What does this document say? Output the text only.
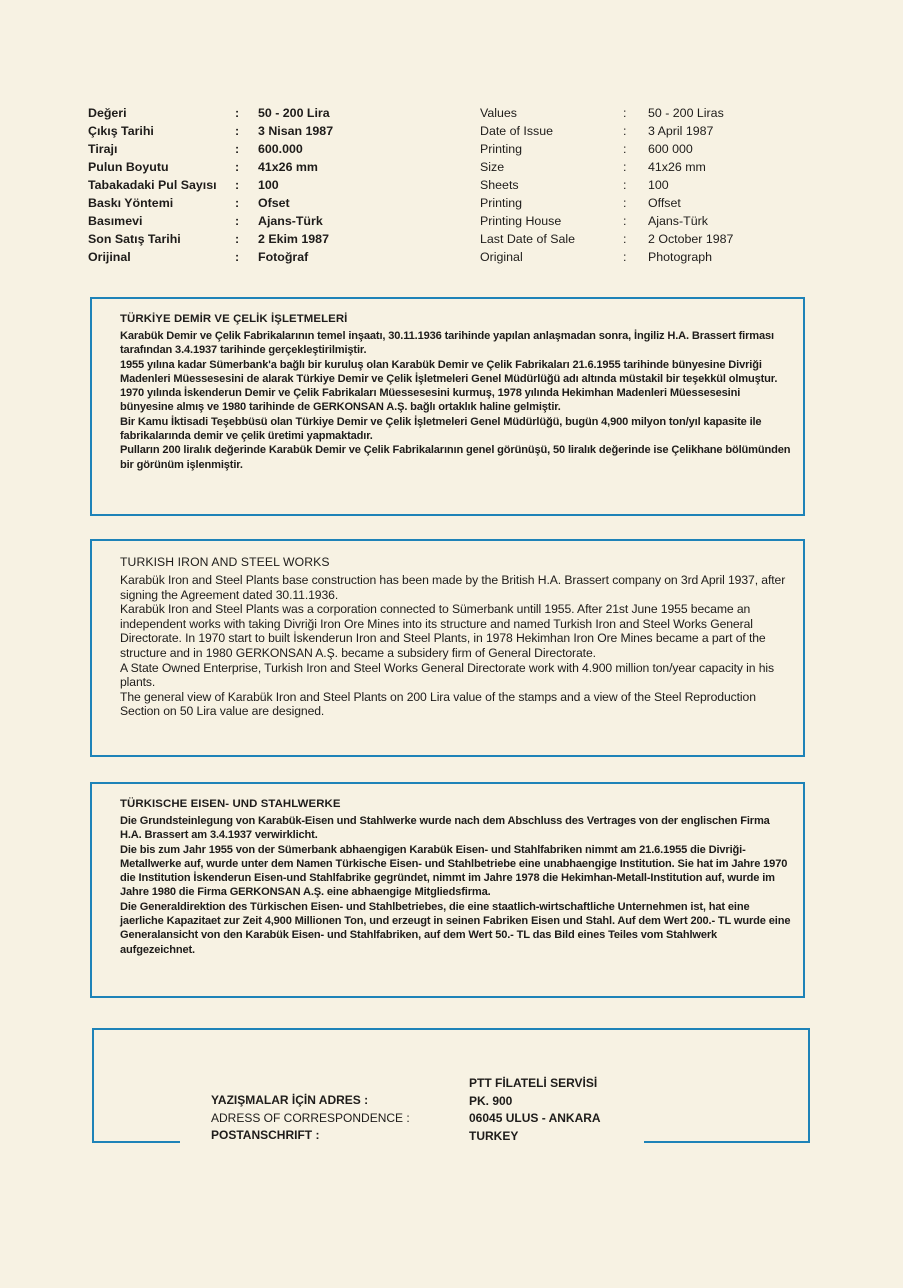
Değeri	:	50 - 200 Lira
Çıkış Tarihi	:	3 Nisan 1987
Tirajı	:	600.000
Pulun Boyutu	:	41x26 mm
Tabakadaki Pul Sayısı	:	100
Baskı Yöntemi	:	Ofset
Basımevi	:	Ajans-Türk
Son Satış Tarihi	:	2 Ekim 1987
Orijinal	:	Fotoğraf
Values	:	50 - 200 Liras
Date of Issue	:	3 April 1987
Printing	:	600 000
Size	:	41x26 mm
Sheets	:	100
Printing	:	Offset
Printing House	:	Ajans-Türk
Last Date of Sale	:	2 October 1987
Original	:	Photograph

TÜRKİYE DEMİR VE ÇELİK İŞLETMELERİ

Karabük Demir ve Çelik Fabrikalarının temel inşaatı, 30.11.1936 tarihinde yapılan anlaşmadan sonra, İngiliz H.A. Brassert firması tarafından 3.4.1937 tarihinde gerçekleştirilmiştir.

1955 yılına kadar Sümerbank'a bağlı bir kuruluş olan Karabük Demir ve Çelik Fabrikaları 21.6.1955 tarihinde bünyesine Divriği Madenleri Müessesesini de alarak Türkiye Demir ve Çelik İşletmeleri Genel Müdürlüğü adı altında müstakil bir teşekkül olmuştur. 1970 yılında İskenderun Demir ve Çelik Fabrikaları Müessesesini kurmuş, 1978 yılında Hekimhan Madenleri Müessesesini bünyesine almış ve 1980 tarihinde de GERKONSAN A.Ş. bağlı ortaklık haline gelmiştir.

Bir Kamu İktisadi Teşebbüsü olan Türkiye Demir ve Çelik İşletmeleri Genel Müdürlüğü, bugün 4,900 milyon ton/yıl kapasite ile fabrikalarında demir ve çelik üretimi yapmaktadır.

Pulların 200 liralık değerinde Karabük Demir ve Çelik Fabrikalarının genel görünüşü, 50 liralık değerinde ise Çelikhane bölümünden bir görünüm işlenmiştir.

TURKISH IRON AND STEEL WORKS

Karabük Iron and Steel Plants base construction has been made by the British H.A. Brassert company on 3rd April 1937, after signing the Agreement dated 30.11.1936.

Karabük Iron and Steel Plants was a corporation connected to Sümerbank untill 1955. After 21st June 1955 became an independent works with taking Divriği Iron Ore Mines into its structure and named Turkish Iron and Steel Works General Directorate. In 1970 start to built İskenderun Iron and Steel Plants, in 1978 Hekimhan Iron Ore Mines became a part of the structure and in 1980 GERKONSAN A.Ş. became a subsidery firm of General Directorate.

A State Owned Enterprise, Turkish Iron and Steel Works General Directorate work with 4.900 million ton/year capacity in his plants.

The general view of Karabük Iron and Steel Plants on 200 Lira value of the stamps and a view of the Steel Reproduction Section on 50 Lira value are designed.

TÜRKISCHE EISEN- UND STAHLWERKE

Die Grundsteinlegung von Karabük-Eisen und Stahlwerke wurde nach dem Abschluss des Vertrages von der englischen Firma H.A. Brassert am 3.4.1937 verwirklicht.

Die bis zum Jahr 1955 von der Sümerbank abhaengigen Karabük Eisen- und Stahlfabriken nimmt am 21.6.1955 die Divriği- Metallwerke auf, wurde unter dem Namen Türkische Eisen- und Stahlbetriebe eine unabhaengige Institution. Sie hat im Jahre 1970 die Institution İskenderun Eisen-und Stahlfabrike gegründet, nimmt im Jahre 1978 die Hekimhan-Metall-Institution auf, wurde im Jahre 1980 die Firma GERKONSAN A.Ş. eine abhaengige Mitgliedsfirma.

Die Generaldirektion des Türkischen Eisen- und Stahlbetriebes, die eine staatlich-wirtschaftliche Unternehmen ist, hat eine jaerliche Kapazitaet zur Zeit 4,900 Millionen Ton, und erzeugt in seinen Fabriken Eisen und Stahl. Auf dem Wert 200.- TL wurde eine Generalansicht von den Karabük Eisen- und Stahlfabriken, auf dem Wert 50.- TL das Bild eines Teiles vom Stahlwerk aufgezeichnet.

YAZIŞMALAR İÇİN ADRES :
ADRESS OF CORRESPONDENCE :
POSTANSCHRIFT :
PTT FİLATELİ SERVİSİ
PK. 900
06045 ULUS - ANKARA
TURKEY
